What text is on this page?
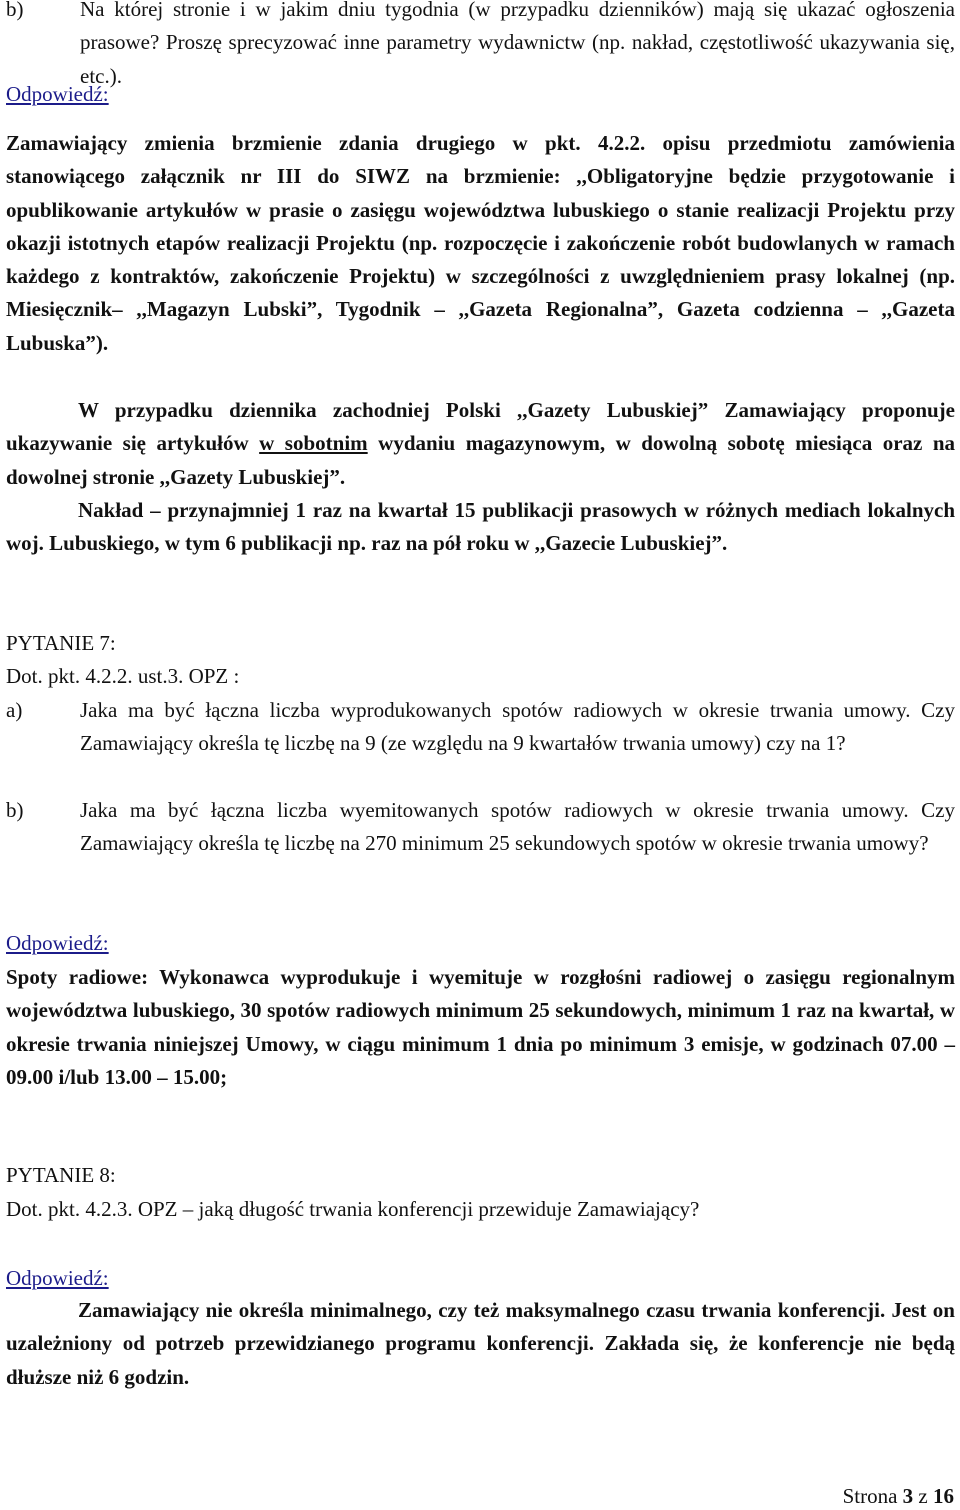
b)	Na której stronie i w jakim dniu tygodnia (w przypadku dzienników) mają się ukazać ogłoszenia prasowe? Proszę sprecyzować inne parametry wydawnictw (np. nakład, częstotliwość ukazywania się, etc.).
Odpowiedź:

Zamawiający zmienia brzmienie zdania drugiego w pkt. 4.2.2. opisu przedmiotu zamówienia stanowiącego załącznik nr III do SIWZ na brzmienie: ,,Obligatoryjne będzie przygotowanie i opublikowanie artykułów w prasie o zasięgu województwa lubuskiego o stanie realizacji Projektu przy okazji istotnych etapów realizacji Projektu (np. rozpoczęcie i zakończenie robót budowlanych w ramach każdego z kontraktów, zakończenie Projektu) w szczególności z uwzględnieniem prasy lokalnej (np. Miesięcznik– ,,Magazyn Lubski”, Tygodnik – ,,Gazeta Regionalna”, Gazeta codzienna – ,,Gazeta Lubuska”).

W przypadku dziennika zachodniej Polski ,,Gazety Lubuskiej” Zamawiający proponuje ukazywanie się artykułów w sobotnim wydaniu magazynowym, w dowolną sobotę miesiąca oraz na dowolnej stronie ,,Gazety Lubuskiej”.

Nakład – przynajmniej 1 raz na kwartał 15 publikacji prasowych w różnych mediach lokalnych woj. Lubuskiego, w tym 6 publikacji np. raz na pół roku w ,,Gazecie Lubuskiej”.

PYTANIE 7:
Dot. pkt. 4.2.2. ust.3. OPZ :
a)	Jaka ma być łączna liczba wyprodukowanych spotów radiowych w okresie trwania umowy. Czy Zamawiający określa tę liczbę na 9 (ze względu na 9 kwartałów trwania umowy) czy na 1?
b)	Jaka ma być łączna liczba wyemitowanych spotów radiowych w okresie trwania umowy. Czy Zamawiający określa tę liczbę na 270 minimum 25 sekundowych spotów w okresie trwania umowy?
Odpowiedź:

Spoty radiowe: Wykonawca wyprodukuje i wyemituje w rozgłośni radiowej o zasięgu regionalnym województwa lubuskiego, 30 spotów radiowych minimum 25 sekundowych, minimum 1 raz na kwartał, w okresie trwania niniejszej Umowy, w ciągu minimum 1 dnia po minimum 3 emisje, w godzinach 07.00 – 09.00 i/lub 13.00 – 15.00;

PYTANIE 8:
Dot. pkt. 4.2.3. OPZ – jaką długość trwania konferencji przewiduje Zamawiający?
Odpowiedź:

Zamawiający nie określa minimalnego, czy też maksymalnego czasu trwania konferencji. Jest on uzależniony od potrzeb przewidzianego programu konferencji. Zakłada się, że konferencje nie będą dłuższe niż 6 godzin.

Strona 3 z 16
